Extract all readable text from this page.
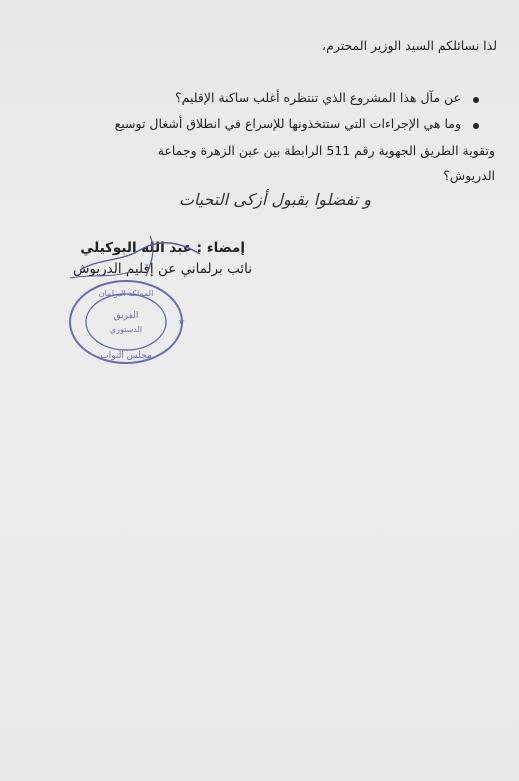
لذا نسائلكم السيد الوزير المحترم،
عن مآل هذا المشروع الذي تنتظره أغلب ساكنة الإقليم؟
وما هي الإجراءات التي ستتخذونها للإسراع في انطلاق أشغال توسيع
وتقوية الطريق الجهوية رقم 511 الرابطة بين عين الزهرة وجماعة
الدريوش؟
و تفضلوا بقبول أزكى التحيات
إمضاء : عبد الله البوكيلي
نائب برلماني عن إقليم الدريوش
المملكة البرلمان
الفريق
الدستوري
مجلس النواب
★
